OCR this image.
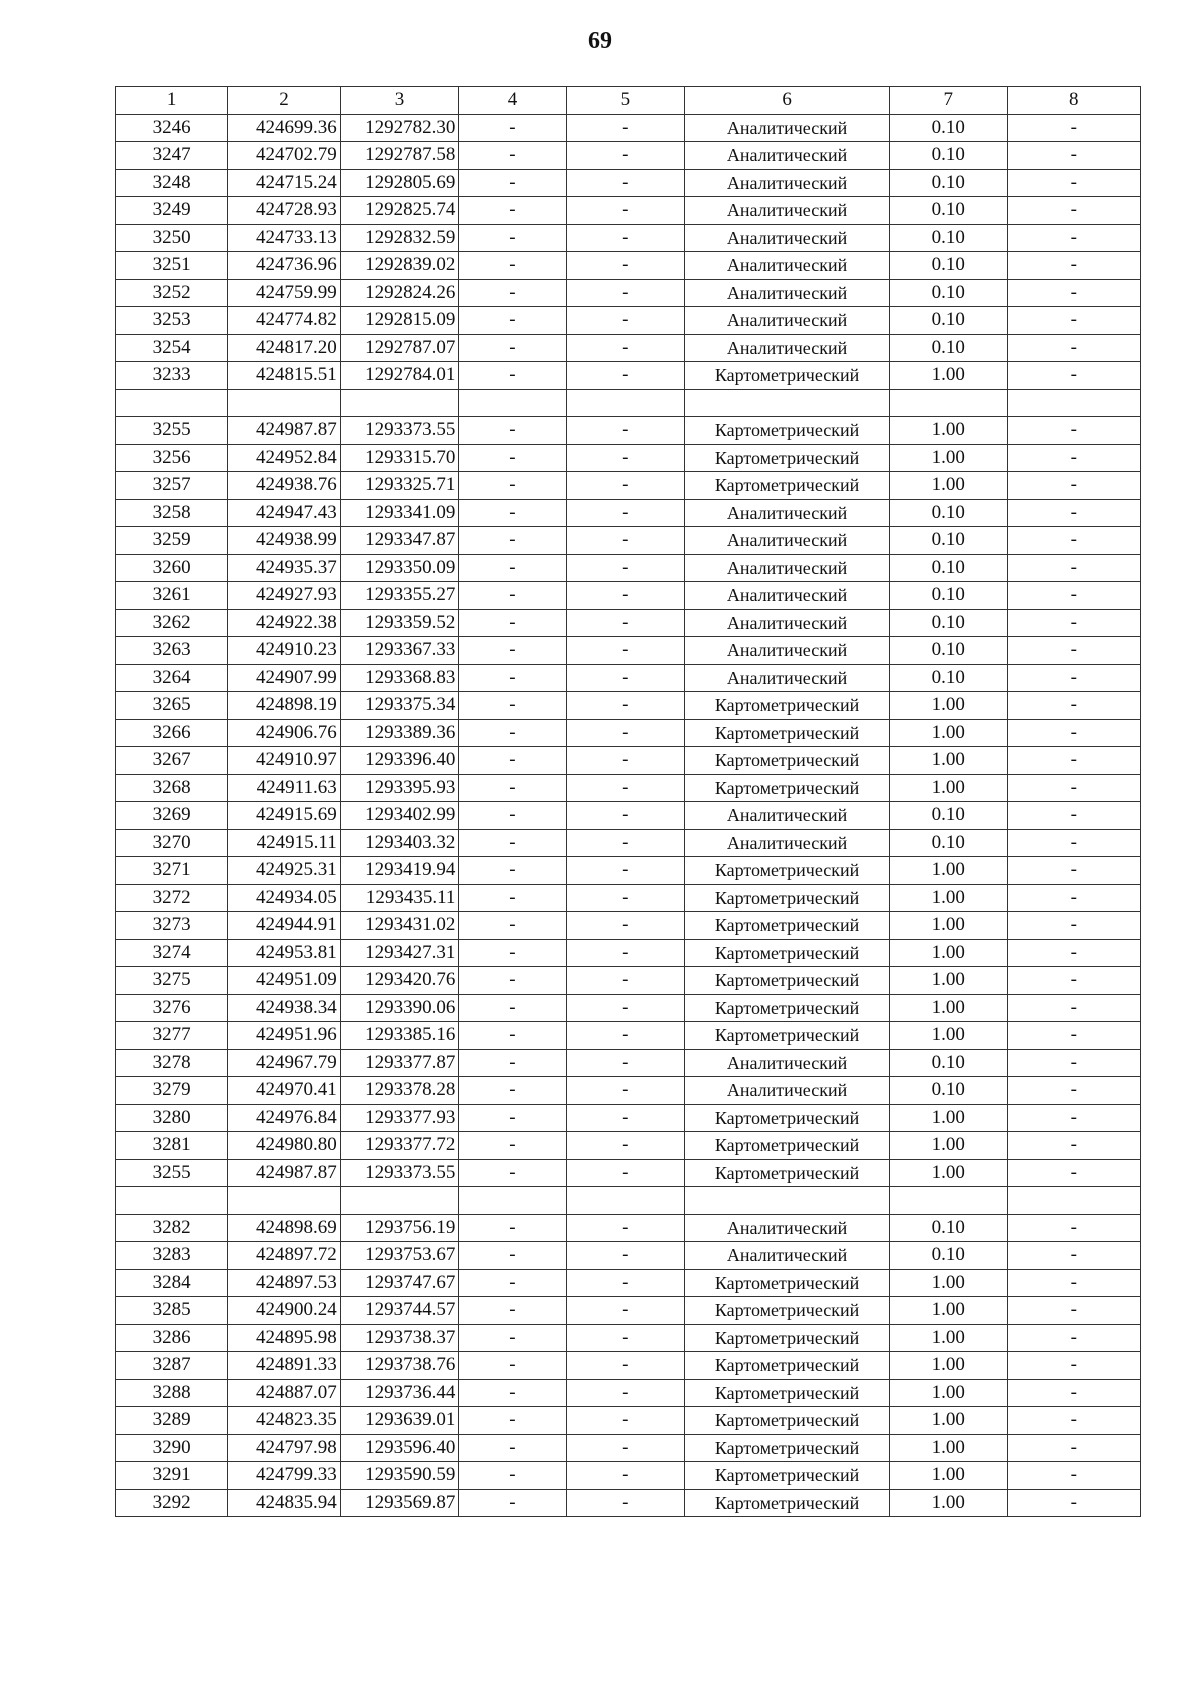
69
1	2	3	4	5	6	7	8
3246	424699.36	1292782.30	-	-	Аналитический	0.10	-
3247	424702.79	1292787.58	-	-	Аналитический	0.10	-
3248	424715.24	1292805.69	-	-	Аналитический	0.10	-
3249	424728.93	1292825.74	-	-	Аналитический	0.10	-
3250	424733.13	1292832.59	-	-	Аналитический	0.10	-
3251	424736.96	1292839.02	-	-	Аналитический	0.10	-
3252	424759.99	1292824.26	-	-	Аналитический	0.10	-
3253	424774.82	1292815.09	-	-	Аналитический	0.10	-
3254	424817.20	1292787.07	-	-	Аналитический	0.10	-
3233	424815.51	1292784.01	-	-	Картометрический	1.00	-

3255	424987.87	1293373.55	-	-	Картометрический	1.00	-
3256	424952.84	1293315.70	-	-	Картометрический	1.00	-
3257	424938.76	1293325.71	-	-	Картометрический	1.00	-
3258	424947.43	1293341.09	-	-	Аналитический	0.10	-
3259	424938.99	1293347.87	-	-	Аналитический	0.10	-
3260	424935.37	1293350.09	-	-	Аналитический	0.10	-
3261	424927.93	1293355.27	-	-	Аналитический	0.10	-
3262	424922.38	1293359.52	-	-	Аналитический	0.10	-
3263	424910.23	1293367.33	-	-	Аналитический	0.10	-
3264	424907.99	1293368.83	-	-	Аналитический	0.10	-
3265	424898.19	1293375.34	-	-	Картометрический	1.00	-
3266	424906.76	1293389.36	-	-	Картометрический	1.00	-
3267	424910.97	1293396.40	-	-	Картометрический	1.00	-
3268	424911.63	1293395.93	-	-	Картометрический	1.00	-
3269	424915.69	1293402.99	-	-	Аналитический	0.10	-
3270	424915.11	1293403.32	-	-	Аналитический	0.10	-
3271	424925.31	1293419.94	-	-	Картометрический	1.00	-
3272	424934.05	1293435.11	-	-	Картометрический	1.00	-
3273	424944.91	1293431.02	-	-	Картометрический	1.00	-
3274	424953.81	1293427.31	-	-	Картометрический	1.00	-
3275	424951.09	1293420.76	-	-	Картометрический	1.00	-
3276	424938.34	1293390.06	-	-	Картометрический	1.00	-
3277	424951.96	1293385.16	-	-	Картометрический	1.00	-
3278	424967.79	1293377.87	-	-	Аналитический	0.10	-
3279	424970.41	1293378.28	-	-	Аналитический	0.10	-
3280	424976.84	1293377.93	-	-	Картометрический	1.00	-
3281	424980.80	1293377.72	-	-	Картометрический	1.00	-
3255	424987.87	1293373.55	-	-	Картометрический	1.00	-

3282	424898.69	1293756.19	-	-	Аналитический	0.10	-
3283	424897.72	1293753.67	-	-	Аналитический	0.10	-
3284	424897.53	1293747.67	-	-	Картометрический	1.00	-
3285	424900.24	1293744.57	-	-	Картометрический	1.00	-
3286	424895.98	1293738.37	-	-	Картометрический	1.00	-
3287	424891.33	1293738.76	-	-	Картометрический	1.00	-
3288	424887.07	1293736.44	-	-	Картометрический	1.00	-
3289	424823.35	1293639.01	-	-	Картометрический	1.00	-
3290	424797.98	1293596.40	-	-	Картометрический	1.00	-
3291	424799.33	1293590.59	-	-	Картометрический	1.00	-
3292	424835.94	1293569.87	-	-	Картометрический	1.00	-
